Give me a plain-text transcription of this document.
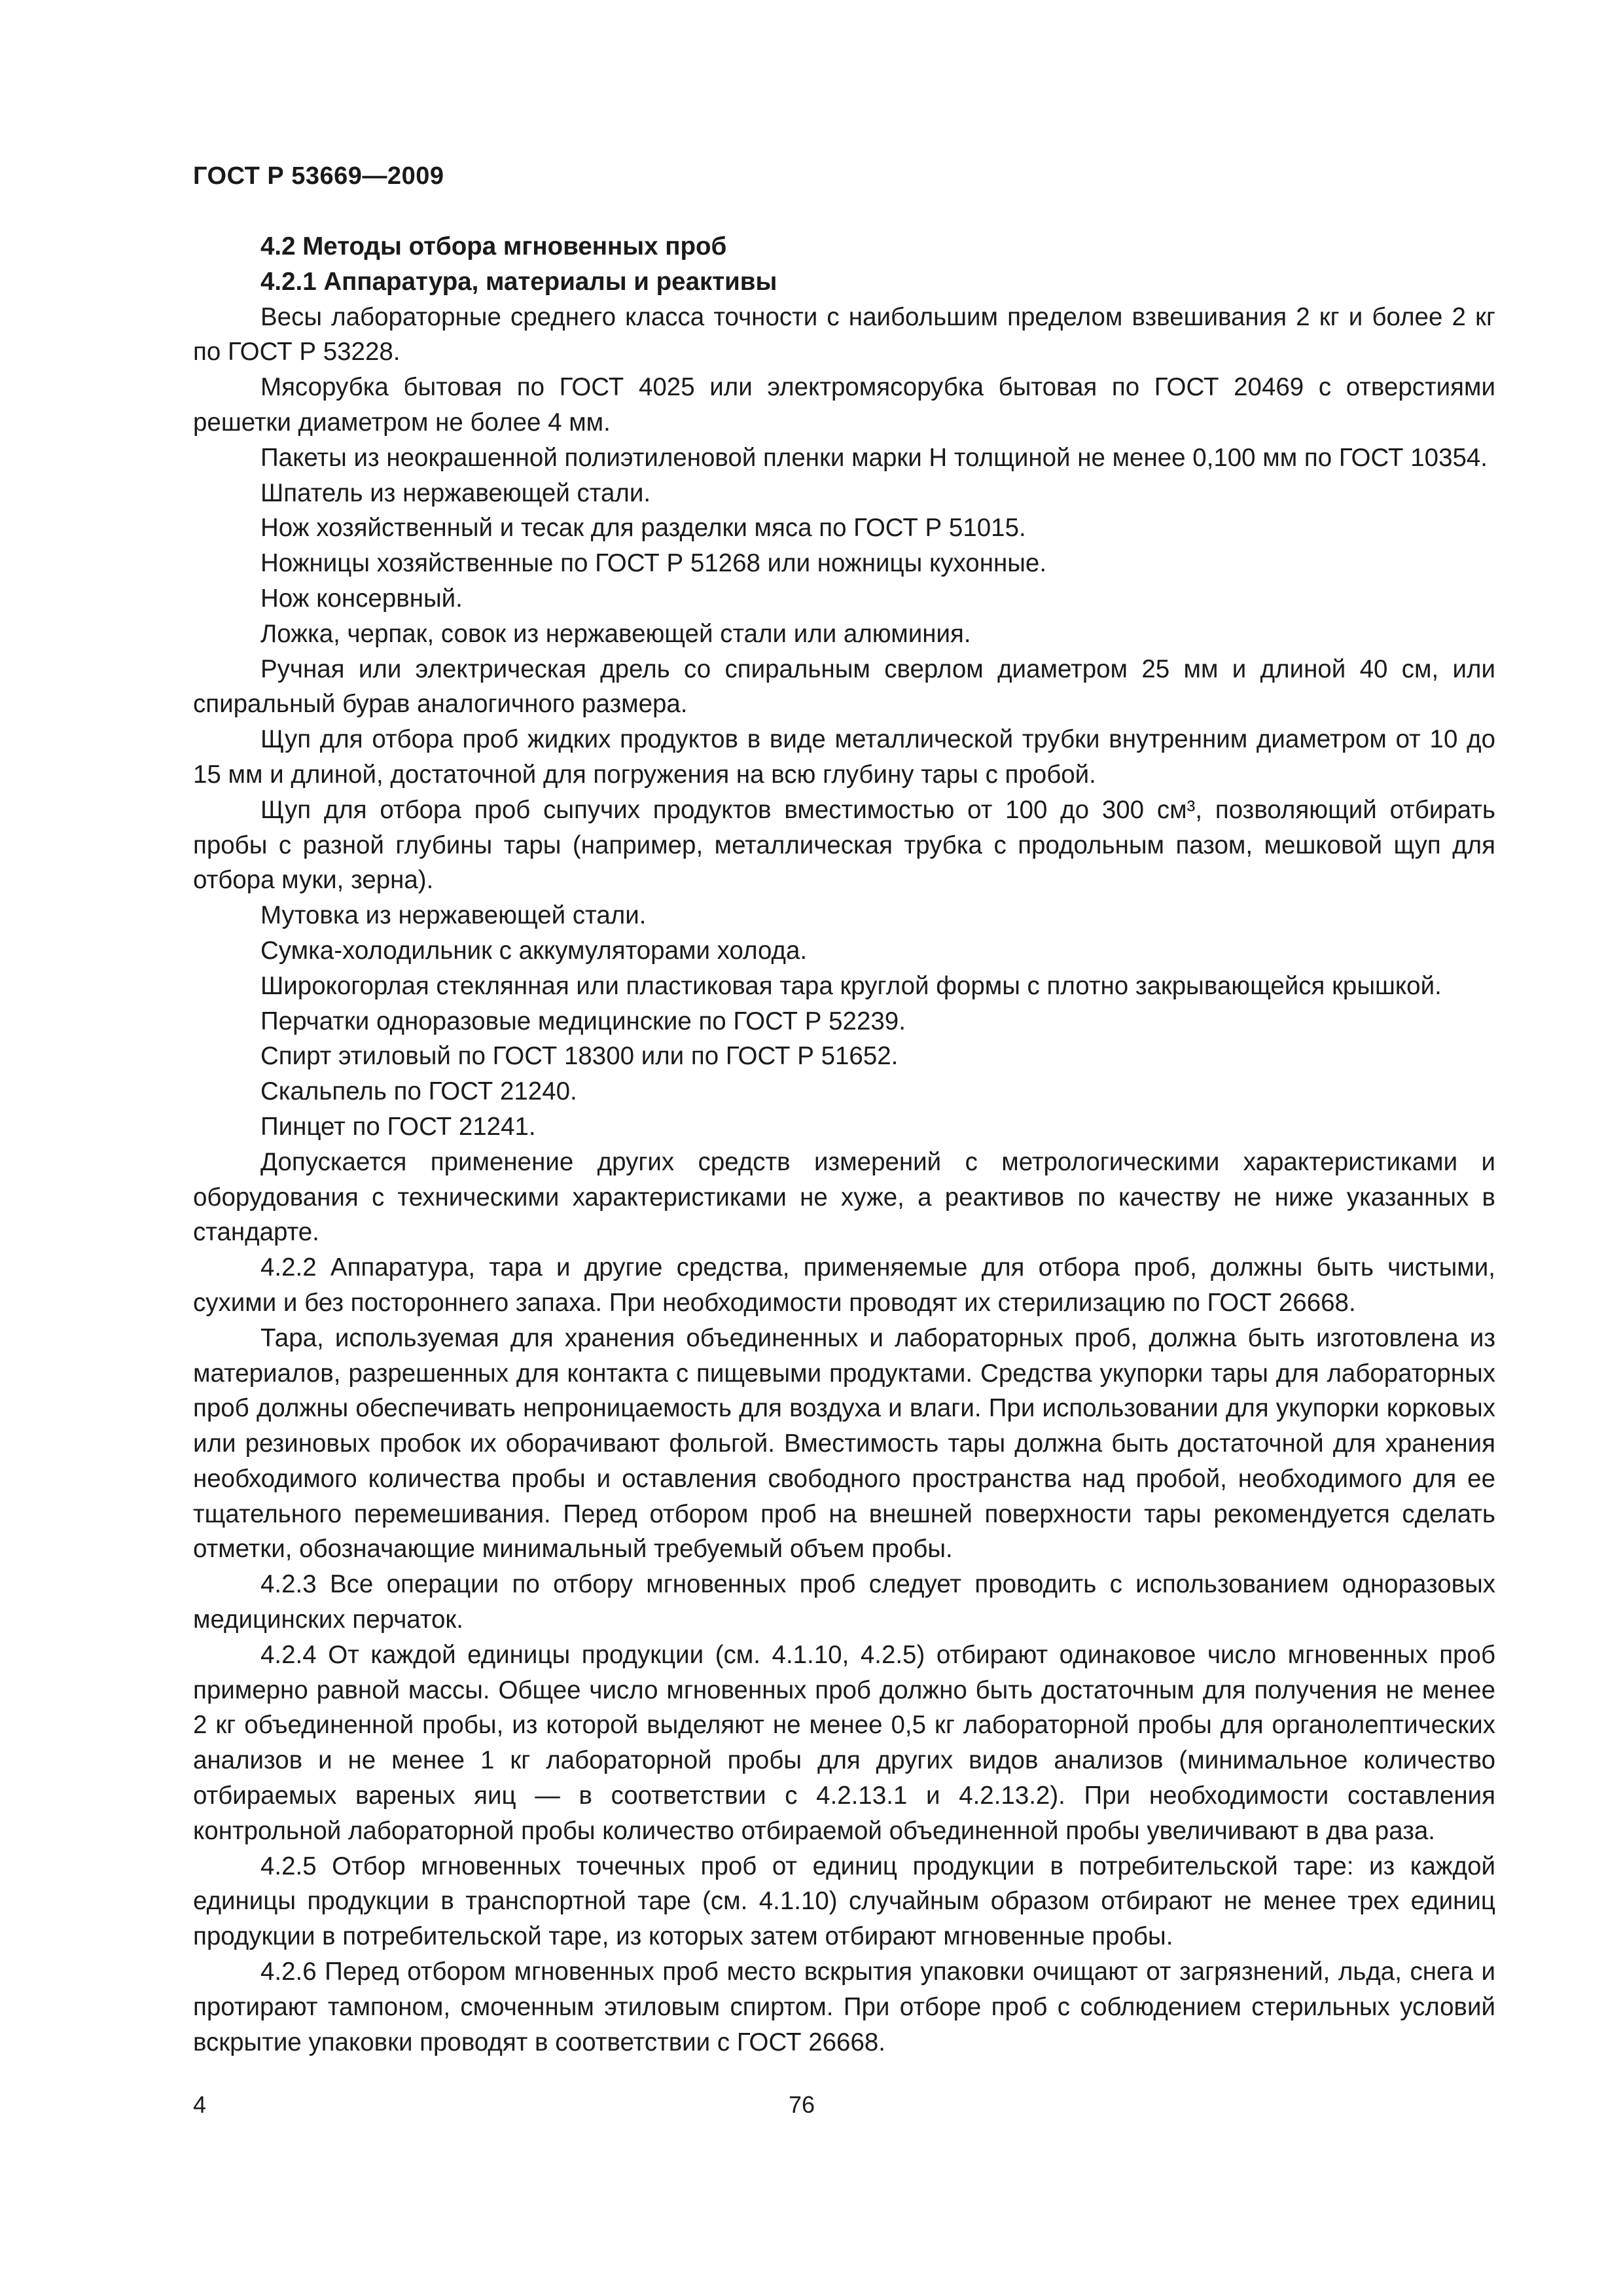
ГОСТ Р 53669—2009

4.2 Методы отбора мгновенных проб

4.2.1 Аппаратура, материалы и реактивы

Весы лабораторные среднего класса точности с наибольшим пределом взвешивания 2 кг и более 2 кг по ГОСТ Р 53228.

Мясорубка бытовая по ГОСТ 4025 или электромясорубка бытовая по ГОСТ 20469 с отверстиями решетки диаметром не более 4 мм.

Пакеты из неокрашенной полиэтиленовой пленки марки Н толщиной не менее 0,100 мм по ГОСТ 10354.

Шпатель из нержавеющей стали.

Нож хозяйственный и тесак для разделки мяса по ГОСТ Р 51015.

Ножницы хозяйственные по ГОСТ Р 51268 или ножницы кухонные.

Нож консервный.

Ложка, черпак, совок из нержавеющей стали или алюминия.

Ручная или электрическая дрель со спиральным сверлом диаметром 25 мм и длиной 40 см, или спиральный бурав аналогичного размера.

Щуп для отбора проб жидких продуктов в виде металлической трубки внутренним диаметром от 10 до 15 мм и длиной, достаточной для погружения на всю глубину тары с пробой.

Щуп для отбора проб сыпучих продуктов вместимостью от 100 до 300 см³, позволяющий отбирать пробы с разной глубины тары (например, металлическая трубка с продольным пазом, мешковой щуп для отбора муки, зерна).

Мутовка из нержавеющей стали.

Сумка-холодильник с аккумуляторами холода.

Широкогорлая стеклянная или пластиковая тара круглой формы с плотно закрывающейся крышкой.

Перчатки одноразовые медицинские по ГОСТ Р 52239.

Спирт этиловый по ГОСТ 18300 или по ГОСТ Р 51652.

Скальпель по ГОСТ 21240.

Пинцет по ГОСТ 21241.

Допускается применение других средств измерений с метрологическими характеристиками и оборудования с техническими характеристиками не хуже, а реактивов по качеству не ниже указанных в стандарте.

4.2.2 Аппаратура, тара и другие средства, применяемые для отбора проб, должны быть чистыми, сухими и без постороннего запаха. При необходимости проводят их стерилизацию по ГОСТ 26668.

Тара, используемая для хранения объединенных и лабораторных проб, должна быть изготовлена из материалов, разрешенных для контакта с пищевыми продуктами. Средства укупорки тары для лабораторных проб должны обеспечивать непроницаемость для воздуха и влаги. При использовании для укупорки корковых или резиновых пробок их оборачивают фольгой. Вместимость тары должна быть достаточной для хранения необходимого количества пробы и оставления свободного пространства над пробой, необходимого для ее тщательного перемешивания. Перед отбором проб на внешней поверхности тары рекомендуется сделать отметки, обозначающие минимальный требуемый объем пробы.

4.2.3 Все операции по отбору мгновенных проб следует проводить с использованием одноразовых медицинских перчаток.

4.2.4 От каждой единицы продукции (см. 4.1.10, 4.2.5) отбирают одинаковое число мгновенных проб примерно равной массы. Общее число мгновенных проб должно быть достаточным для получения не менее 2 кг объединенной пробы, из которой выделяют не менее 0,5 кг лабораторной пробы для органолептических анализов и не менее 1 кг лабораторной пробы для других видов анализов (минимальное количество отбираемых вареных яиц — в соответствии с 4.2.13.1 и 4.2.13.2). При необходимости составления контрольной лабораторной пробы количество отбираемой объединенной пробы увеличивают в два раза.

4.2.5 Отбор мгновенных точечных проб от единиц продукции в потребительской таре: из каждой единицы продукции в транспортной таре (см. 4.1.10) случайным образом отбирают не менее трех единиц продукции в потребительской таре, из которых затем отбирают мгновенные пробы.

4.2.6 Перед отбором мгновенных проб место вскрытия упаковки очищают от загрязнений, льда, снега и протирают тампоном, смоченным этиловым спиртом. При отборе проб с соблюдением стерильных условий вскрытие упаковки проводят в соответствии с ГОСТ 26668.

4	76
